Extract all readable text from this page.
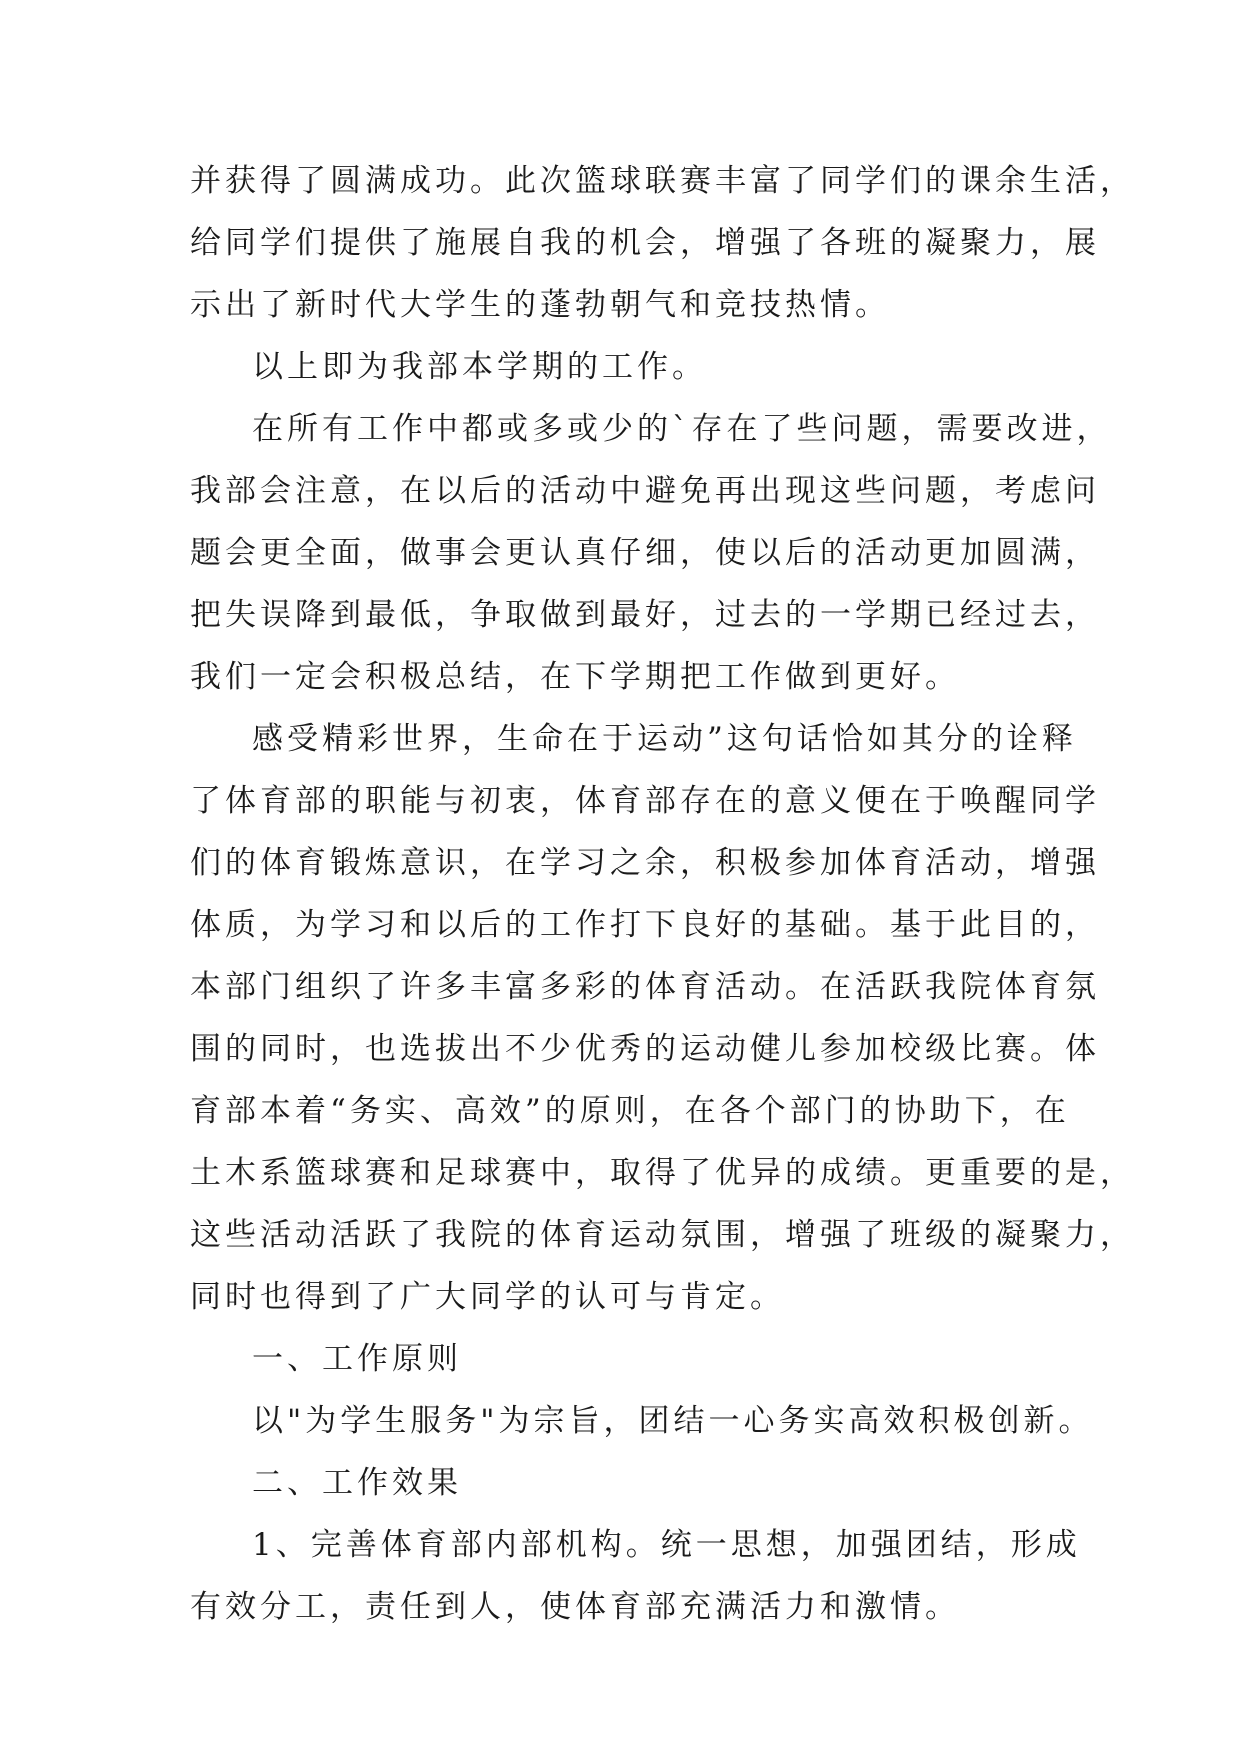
并获得了圆满成功。此次篮球联赛丰富了同学们的课余生活，
给同学们提供了施展自我的机会，增强了各班的凝聚力，展
示出了新时代大学生的蓬勃朝气和竞技热情。
以上即为我部本学期的工作。
在所有工作中都或多或少的`存在了些问题，需要改进，
我部会注意，在以后的活动中避免再出现这些问题，考虑问
题会更全面，做事会更认真仔细，使以后的活动更加圆满，
把失误降到最低，争取做到最好，过去的一学期已经过去，
我们一定会积极总结，在下学期把工作做到更好。
感受精彩世界，生命在于运动”这句话恰如其分的诠释
了体育部的职能与初衷，体育部存在的意义便在于唤醒同学
们的体育锻炼意识，在学习之余，积极参加体育活动，增强
体质，为学习和以后的工作打下良好的基础。基于此目的，
本部门组织了许多丰富多彩的体育活动。在活跃我院体育氛
围的同时，也选拔出不少优秀的运动健儿参加校级比赛。体
育部本着“务实、高效”的原则，在各个部门的协助下，在
土木系篮球赛和足球赛中，取得了优异的成绩。更重要的是，
这些活动活跃了我院的体育运动氛围，增强了班级的凝聚力，
同时也得到了广大同学的认可与肯定。
一、工作原则
以"为学生服务"为宗旨，团结一心务实高效积极创新。
二、工作效果
1、完善体育部内部机构。统一思想，加强团结，形成
有效分工，责任到人，使体育部充满活力和激情。
